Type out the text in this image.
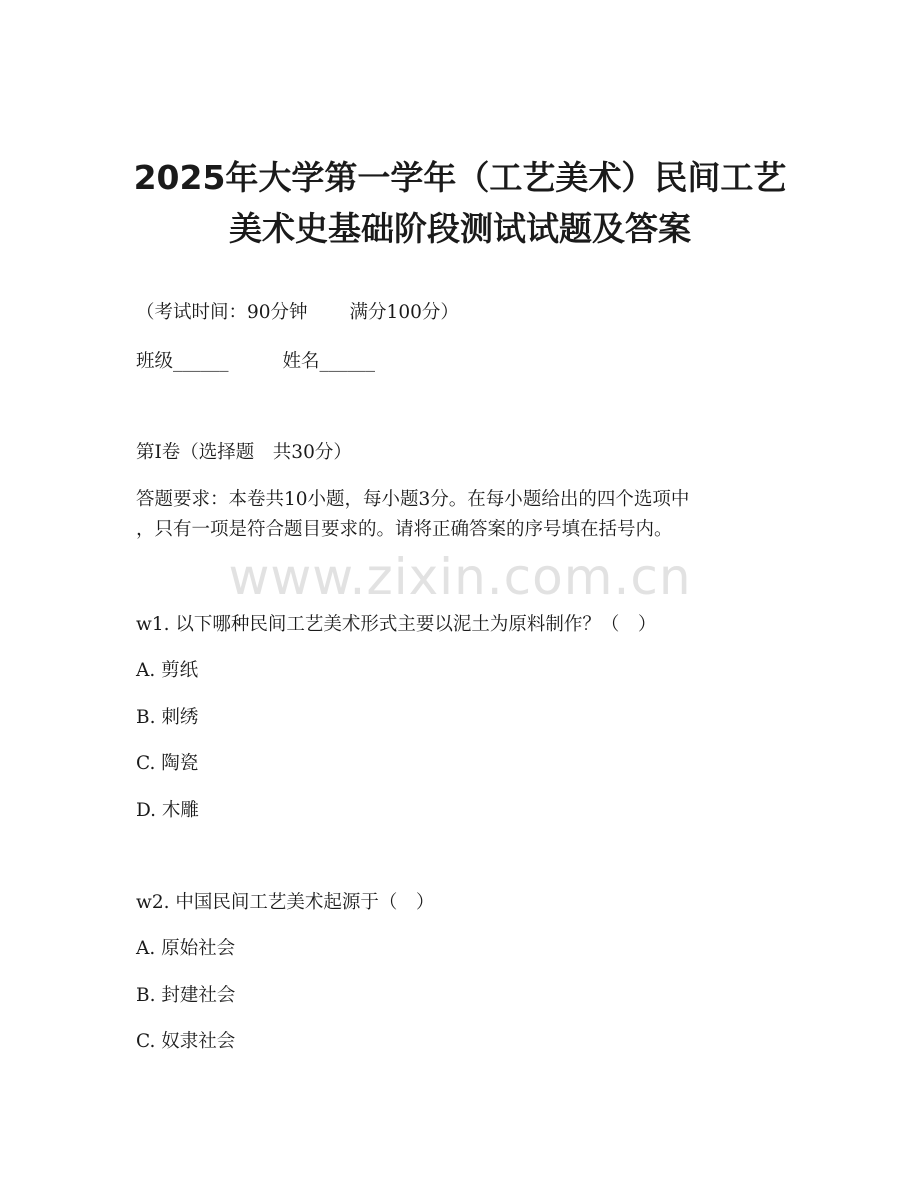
2025年大学第一学年（工艺美术）民间工艺
美术史基础阶段测试试题及答案
（考试时间：90分钟 满分100分）
班级______	姓名______
第Ⅰ卷（选择题　共30分）
答题要求：本卷共10小题，每小题3分。在每小题给出的四个选项中
，只有一项是符合题目要求的。请将正确答案的序号填在括号内。
www.zixin.com.cn
w1. 以下哪种民间工艺美术形式主要以泥土为原料制作？（　）
A. 剪纸
B. 刺绣
C. 陶瓷
D. 木雕
w2. 中国民间工艺美术起源于（　）
A. 原始社会
B. 封建社会
C. 奴隶社会
